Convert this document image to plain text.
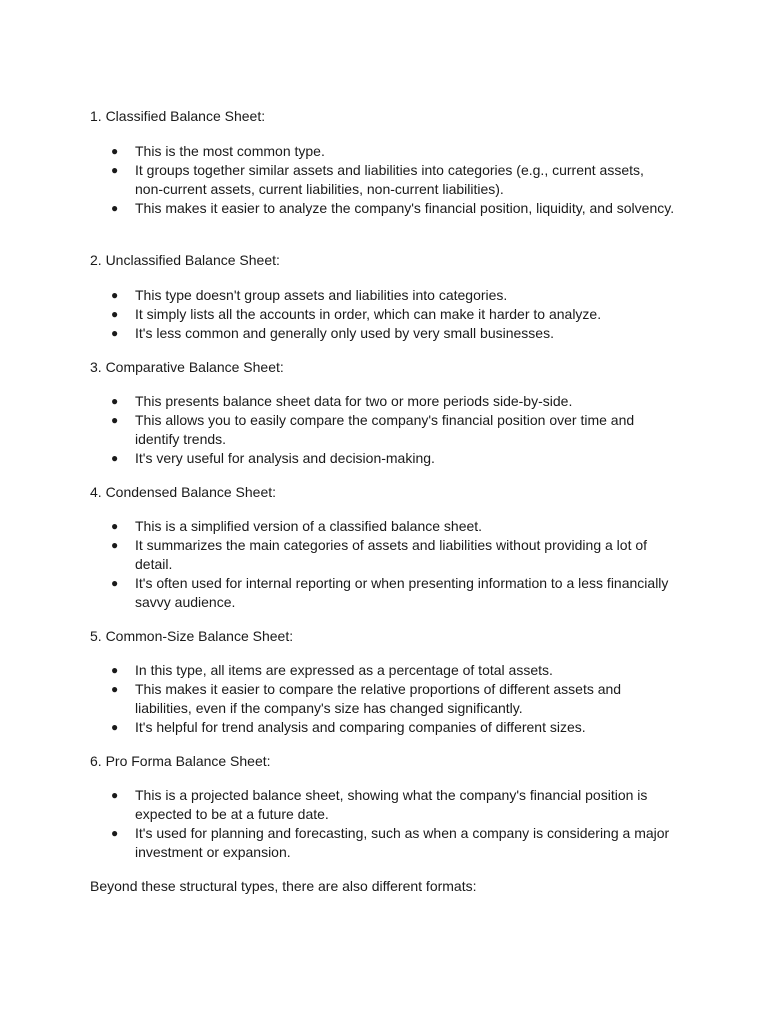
1. Classified Balance Sheet:
● This is the most common type.
● It groups together similar assets and liabilities into categories (e.g., current assets, non-current assets, current liabilities, non-current liabilities).
● This makes it easier to analyze the company's financial position, liquidity, and solvency.
2. Unclassified Balance Sheet:
● This type doesn't group assets and liabilities into categories.
● It simply lists all the accounts in order, which can make it harder to analyze.
● It's less common and generally only used by very small businesses.
3. Comparative Balance Sheet:
● This presents balance sheet data for two or more periods side-by-side.
● This allows you to easily compare the company's financial position over time and identify trends.
● It's very useful for analysis and decision-making.
4. Condensed Balance Sheet:
● This is a simplified version of a classified balance sheet.
● It summarizes the main categories of assets and liabilities without providing a lot of detail.
● It's often used for internal reporting or when presenting information to a less financially savvy audience.
5. Common-Size Balance Sheet:
● In this type, all items are expressed as a percentage of total assets.
● This makes it easier to compare the relative proportions of different assets and liabilities, even if the company's size has changed significantly.
● It's helpful for trend analysis and comparing companies of different sizes.
6. Pro Forma Balance Sheet:
● This is a projected balance sheet, showing what the company's financial position is expected to be at a future date.
● It's used for planning and forecasting, such as when a company is considering a major investment or expansion.

Beyond these structural types, there are also different formats:
